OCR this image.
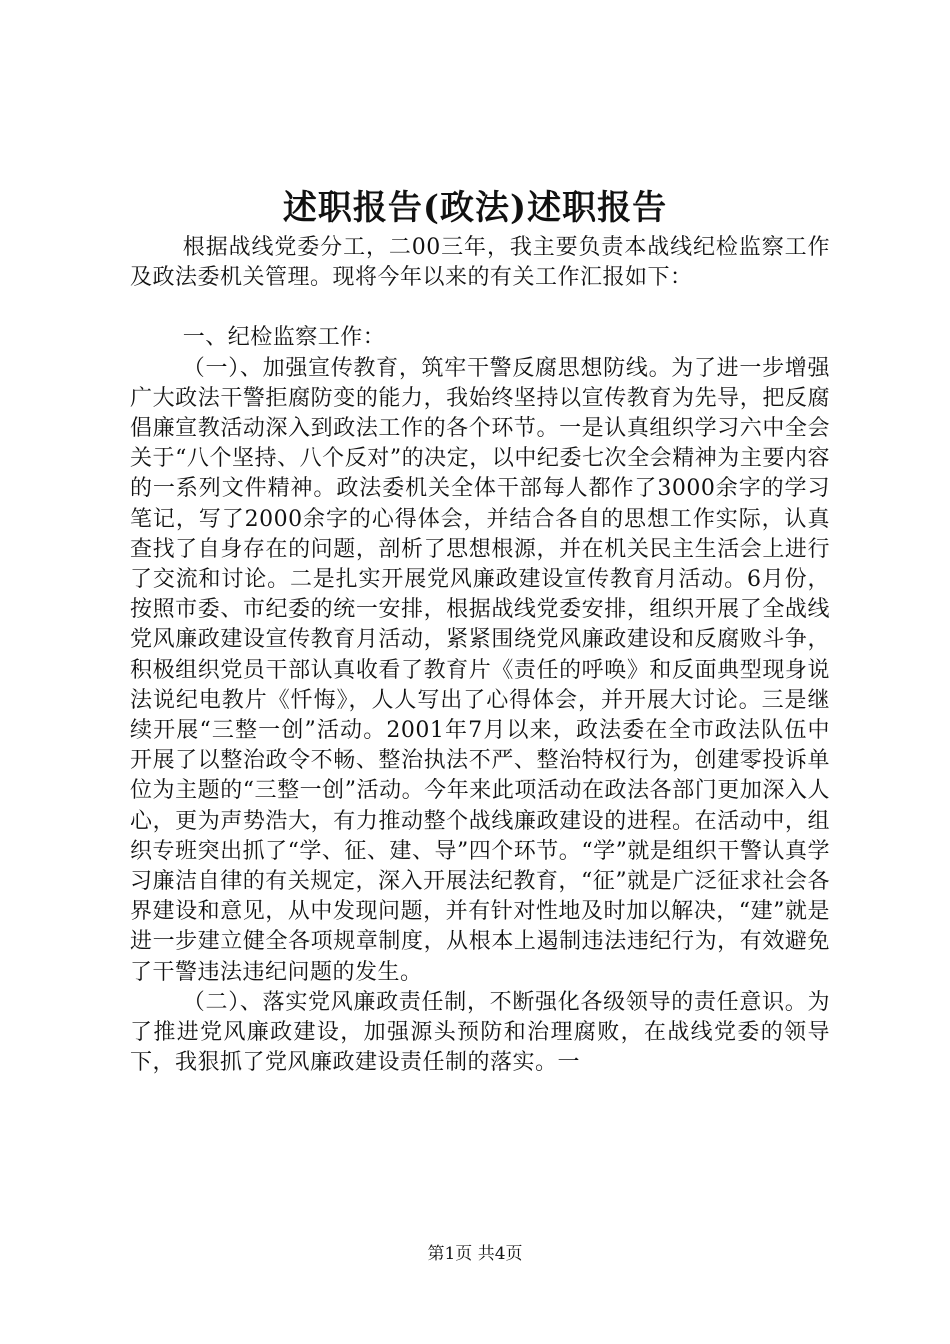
述职报告(政法)述职报告

根据战线党委分工，二00三年，我主要负责本战线纪检监察工作及政法委机关管理。现将今年以来的有关工作汇报如下：

一、纪检监察工作：

（一）、加强宣传教育，筑牢干警反腐思想防线。为了进一步增强广大政法干警拒腐防变的能力，我始终坚持以宣传教育为先导，把反腐倡廉宣教活动深入到政法工作的各个环节。一是认真组织学习六中全会关于“八个坚持、八个反对”的决定，以中纪委七次全会精神为主要内容的一系列文件精神。政法委机关全体干部每人都作了3000余字的学习笔记，写了2000余字的心得体会，并结合各自的思想工作实际，认真查找了自身存在的问题，剖析了思想根源，并在机关民主生活会上进行了交流和讨论。二是扎实开展党风廉政建设宣传教育月活动。6月份，按照市委、市纪委的统一安排，根据战线党委安排，组织开展了全战线党风廉政建设宣传教育月活动，紧紧围绕党风廉政建设和反腐败斗争，积极组织党员干部认真收看了教育片《责任的呼唤》和反面典型现身说法说纪电教片《忏悔》，人人写出了心得体会，并开展大讨论。三是继续开展“三整一创”活动。2001年7月以来，政法委在全市政法队伍中开展了以整治政令不畅、整治执法不严、整治特权行为，创建零投诉单位为主题的“三整一创”活动。今年来此项活动在政法各部门更加深入人心，更为声势浩大，有力推动整个战线廉政建设的进程。在活动中，组织专班突出抓了“学、征、建、导”四个环节。“学”就是组织干警认真学习廉洁自律的有关规定，深入开展法纪教育，“征”就是广泛征求社会各界建设和意见，从中发现问题，并有针对性地及时加以解决，“建”就是进一步建立健全各项规章制度，从根本上遏制违法违纪行为，有效避免了干警违法违纪问题的发生。

（二）、落实党风廉政责任制，不断强化各级领导的责任意识。为了推进党风廉政建设，加强源头预防和治理腐败，在战线党委的领导下，我狠抓了党风廉政建设责任制的落实。一

第1页 共4页
